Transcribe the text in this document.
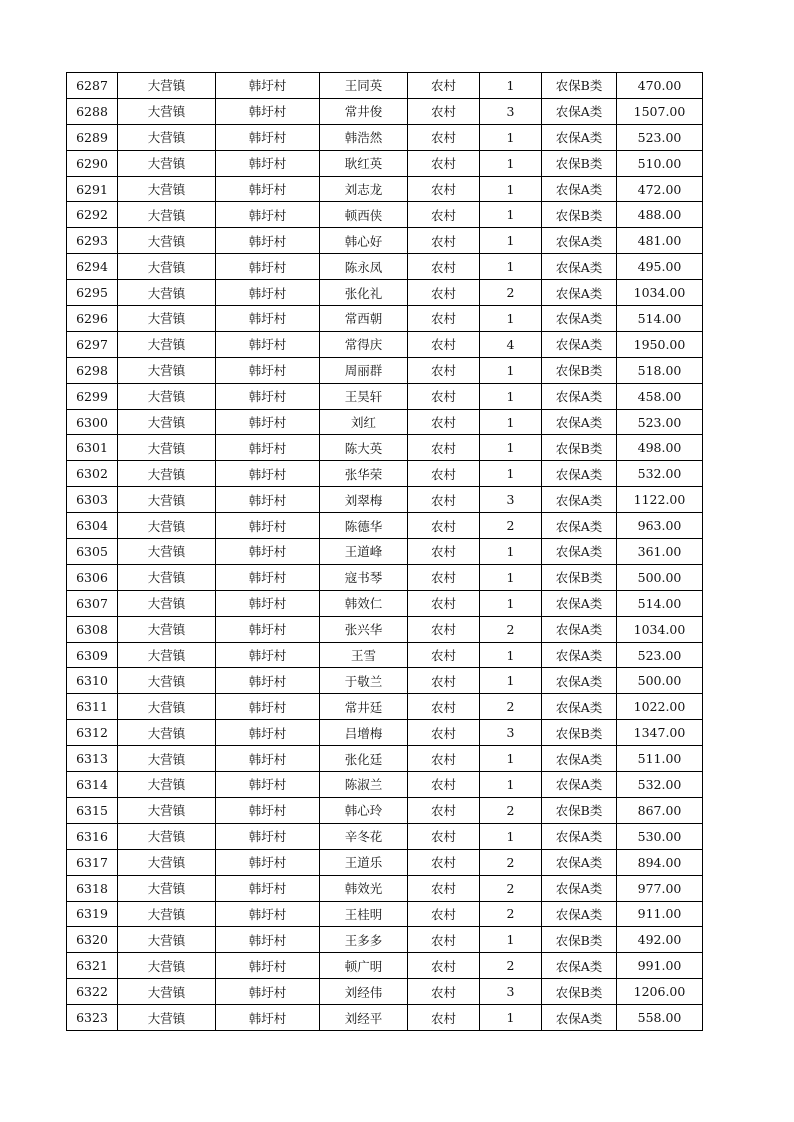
6287	大营镇	韩圩村	王同英	农村	1	农保B类	470.00
6288	大营镇	韩圩村	常井俊	农村	3	农保A类	1507.00
6289	大营镇	韩圩村	韩浩然	农村	1	农保A类	523.00
6290	大营镇	韩圩村	耿红英	农村	1	农保B类	510.00
6291	大营镇	韩圩村	刘志龙	农村	1	农保A类	472.00
6292	大营镇	韩圩村	顿西侠	农村	1	农保B类	488.00
6293	大营镇	韩圩村	韩心好	农村	1	农保A类	481.00
6294	大营镇	韩圩村	陈永凤	农村	1	农保A类	495.00
6295	大营镇	韩圩村	张化礼	农村	2	农保A类	1034.00
6296	大营镇	韩圩村	常西朝	农村	1	农保A类	514.00
6297	大营镇	韩圩村	常得庆	农村	4	农保A类	1950.00
6298	大营镇	韩圩村	周丽群	农村	1	农保B类	518.00
6299	大营镇	韩圩村	王昊轩	农村	1	农保A类	458.00
6300	大营镇	韩圩村	刘红	农村	1	农保A类	523.00
6301	大营镇	韩圩村	陈大英	农村	1	农保B类	498.00
6302	大营镇	韩圩村	张华荣	农村	1	农保A类	532.00
6303	大营镇	韩圩村	刘翠梅	农村	3	农保A类	1122.00
6304	大营镇	韩圩村	陈德华	农村	2	农保A类	963.00
6305	大营镇	韩圩村	王道峰	农村	1	农保A类	361.00
6306	大营镇	韩圩村	寇书琴	农村	1	农保B类	500.00
6307	大营镇	韩圩村	韩效仁	农村	1	农保A类	514.00
6308	大营镇	韩圩村	张兴华	农村	2	农保A类	1034.00
6309	大营镇	韩圩村	王雪	农村	1	农保A类	523.00
6310	大营镇	韩圩村	于敬兰	农村	1	农保A类	500.00
6311	大营镇	韩圩村	常井廷	农村	2	农保A类	1022.00
6312	大营镇	韩圩村	吕增梅	农村	3	农保B类	1347.00
6313	大营镇	韩圩村	张化廷	农村	1	农保A类	511.00
6314	大营镇	韩圩村	陈淑兰	农村	1	农保A类	532.00
6315	大营镇	韩圩村	韩心玲	农村	2	农保B类	867.00
6316	大营镇	韩圩村	辛冬花	农村	1	农保A类	530.00
6317	大营镇	韩圩村	王道乐	农村	2	农保A类	894.00
6318	大营镇	韩圩村	韩效光	农村	2	农保A类	977.00
6319	大营镇	韩圩村	王桂明	农村	2	农保A类	911.00
6320	大营镇	韩圩村	王多多	农村	1	农保B类	492.00
6321	大营镇	韩圩村	顿广明	农村	2	农保A类	991.00
6322	大营镇	韩圩村	刘经伟	农村	3	农保B类	1206.00
6323	大营镇	韩圩村	刘经平	农村	1	农保A类	558.00
